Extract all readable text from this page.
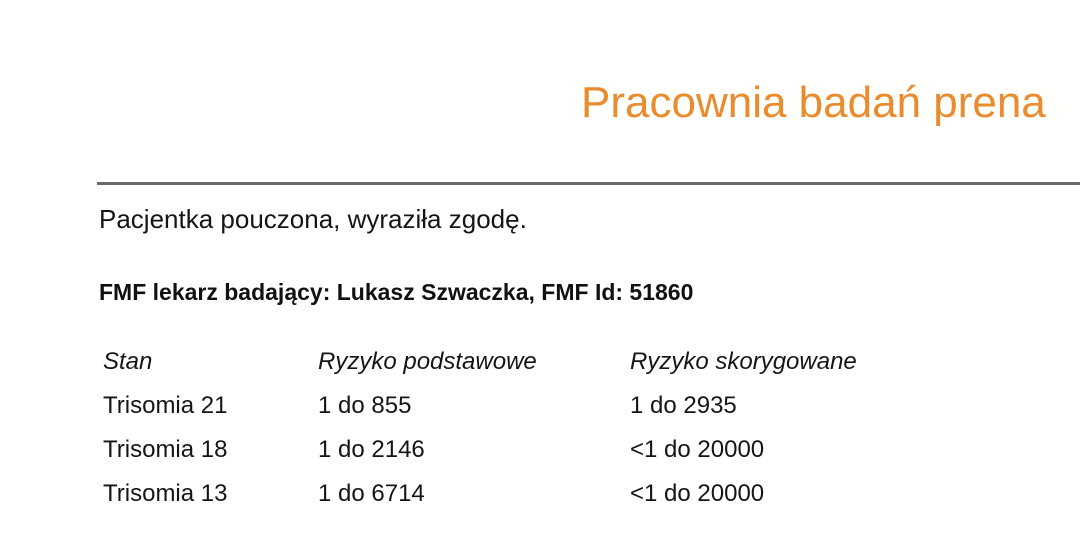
Pracownia badań prena
Pacjentka pouczona, wyraziła zgodę.
FMF lekarz badający: Lukasz Szwaczka, FMF Id: 51860
Stan	Ryzyko podstawowe	Ryzyko skorygowane
Trisomia 21	1 do 855	1 do 2935
Trisomia 18	1 do 2146	<1 do 20000
Trisomia 13	1 do 6714	<1 do 20000
